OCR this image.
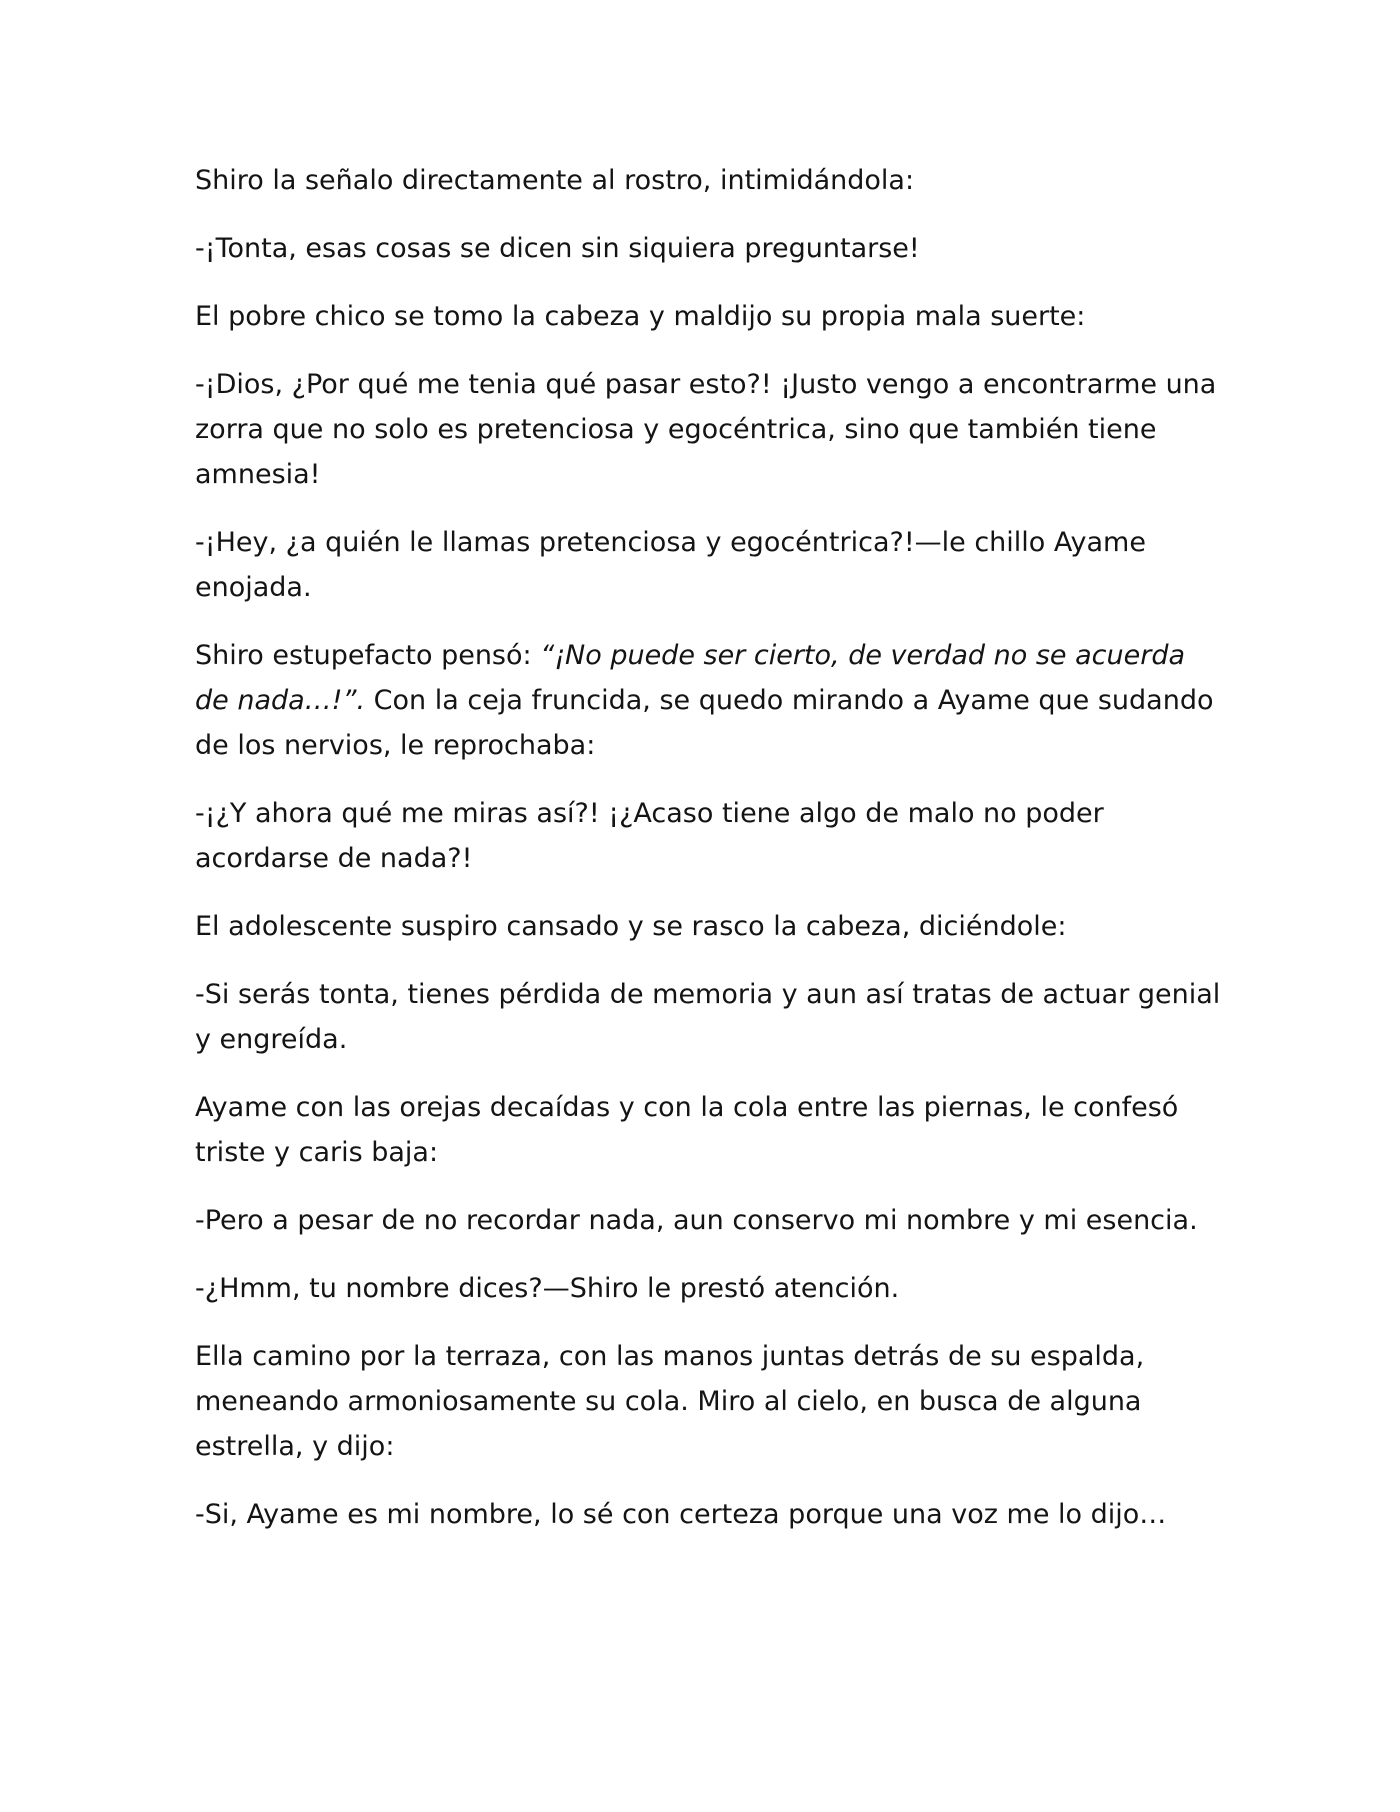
Shiro la señalo directamente al rostro, intimidándola:

-¡Tonta, esas cosas se dicen sin siquiera preguntarse!

El pobre chico se tomo la cabeza y maldijo su propia mala suerte:

-¡Dios, ¿Por qué me tenia qué pasar esto?! ¡Justo vengo a encontrarme una zorra que no solo es pretenciosa y egocéntrica, sino que también tiene amnesia!

-¡Hey, ¿a quién le llamas pretenciosa y egocéntrica?!—le chillo Ayame enojada.

Shiro estupefacto pensó: “¡No puede ser cierto, de verdad no se acuerda de nada…!”. Con la ceja fruncida, se quedo mirando a Ayame que sudando de los nervios, le reprochaba:

-¡¿Y ahora qué me miras así?! ¡¿Acaso tiene algo de malo no poder acordarse de nada?!

El adolescente suspiro cansado y se rasco la cabeza, diciéndole:

-Si serás tonta, tienes pérdida de memoria y aun así tratas de actuar genial y engreída.

Ayame con las orejas decaídas y con la cola entre las piernas, le confesó triste y caris baja:

-Pero a pesar de no recordar nada, aun conservo mi nombre y mi esencia.

-¿Hmm, tu nombre dices?—Shiro le prestó atención.

Ella camino por la terraza, con las manos juntas detrás de su espalda, meneando armoniosamente su cola. Miro al cielo, en busca de alguna estrella, y dijo:

-Si, Ayame es mi nombre, lo sé con certeza porque una voz me lo dijo…
